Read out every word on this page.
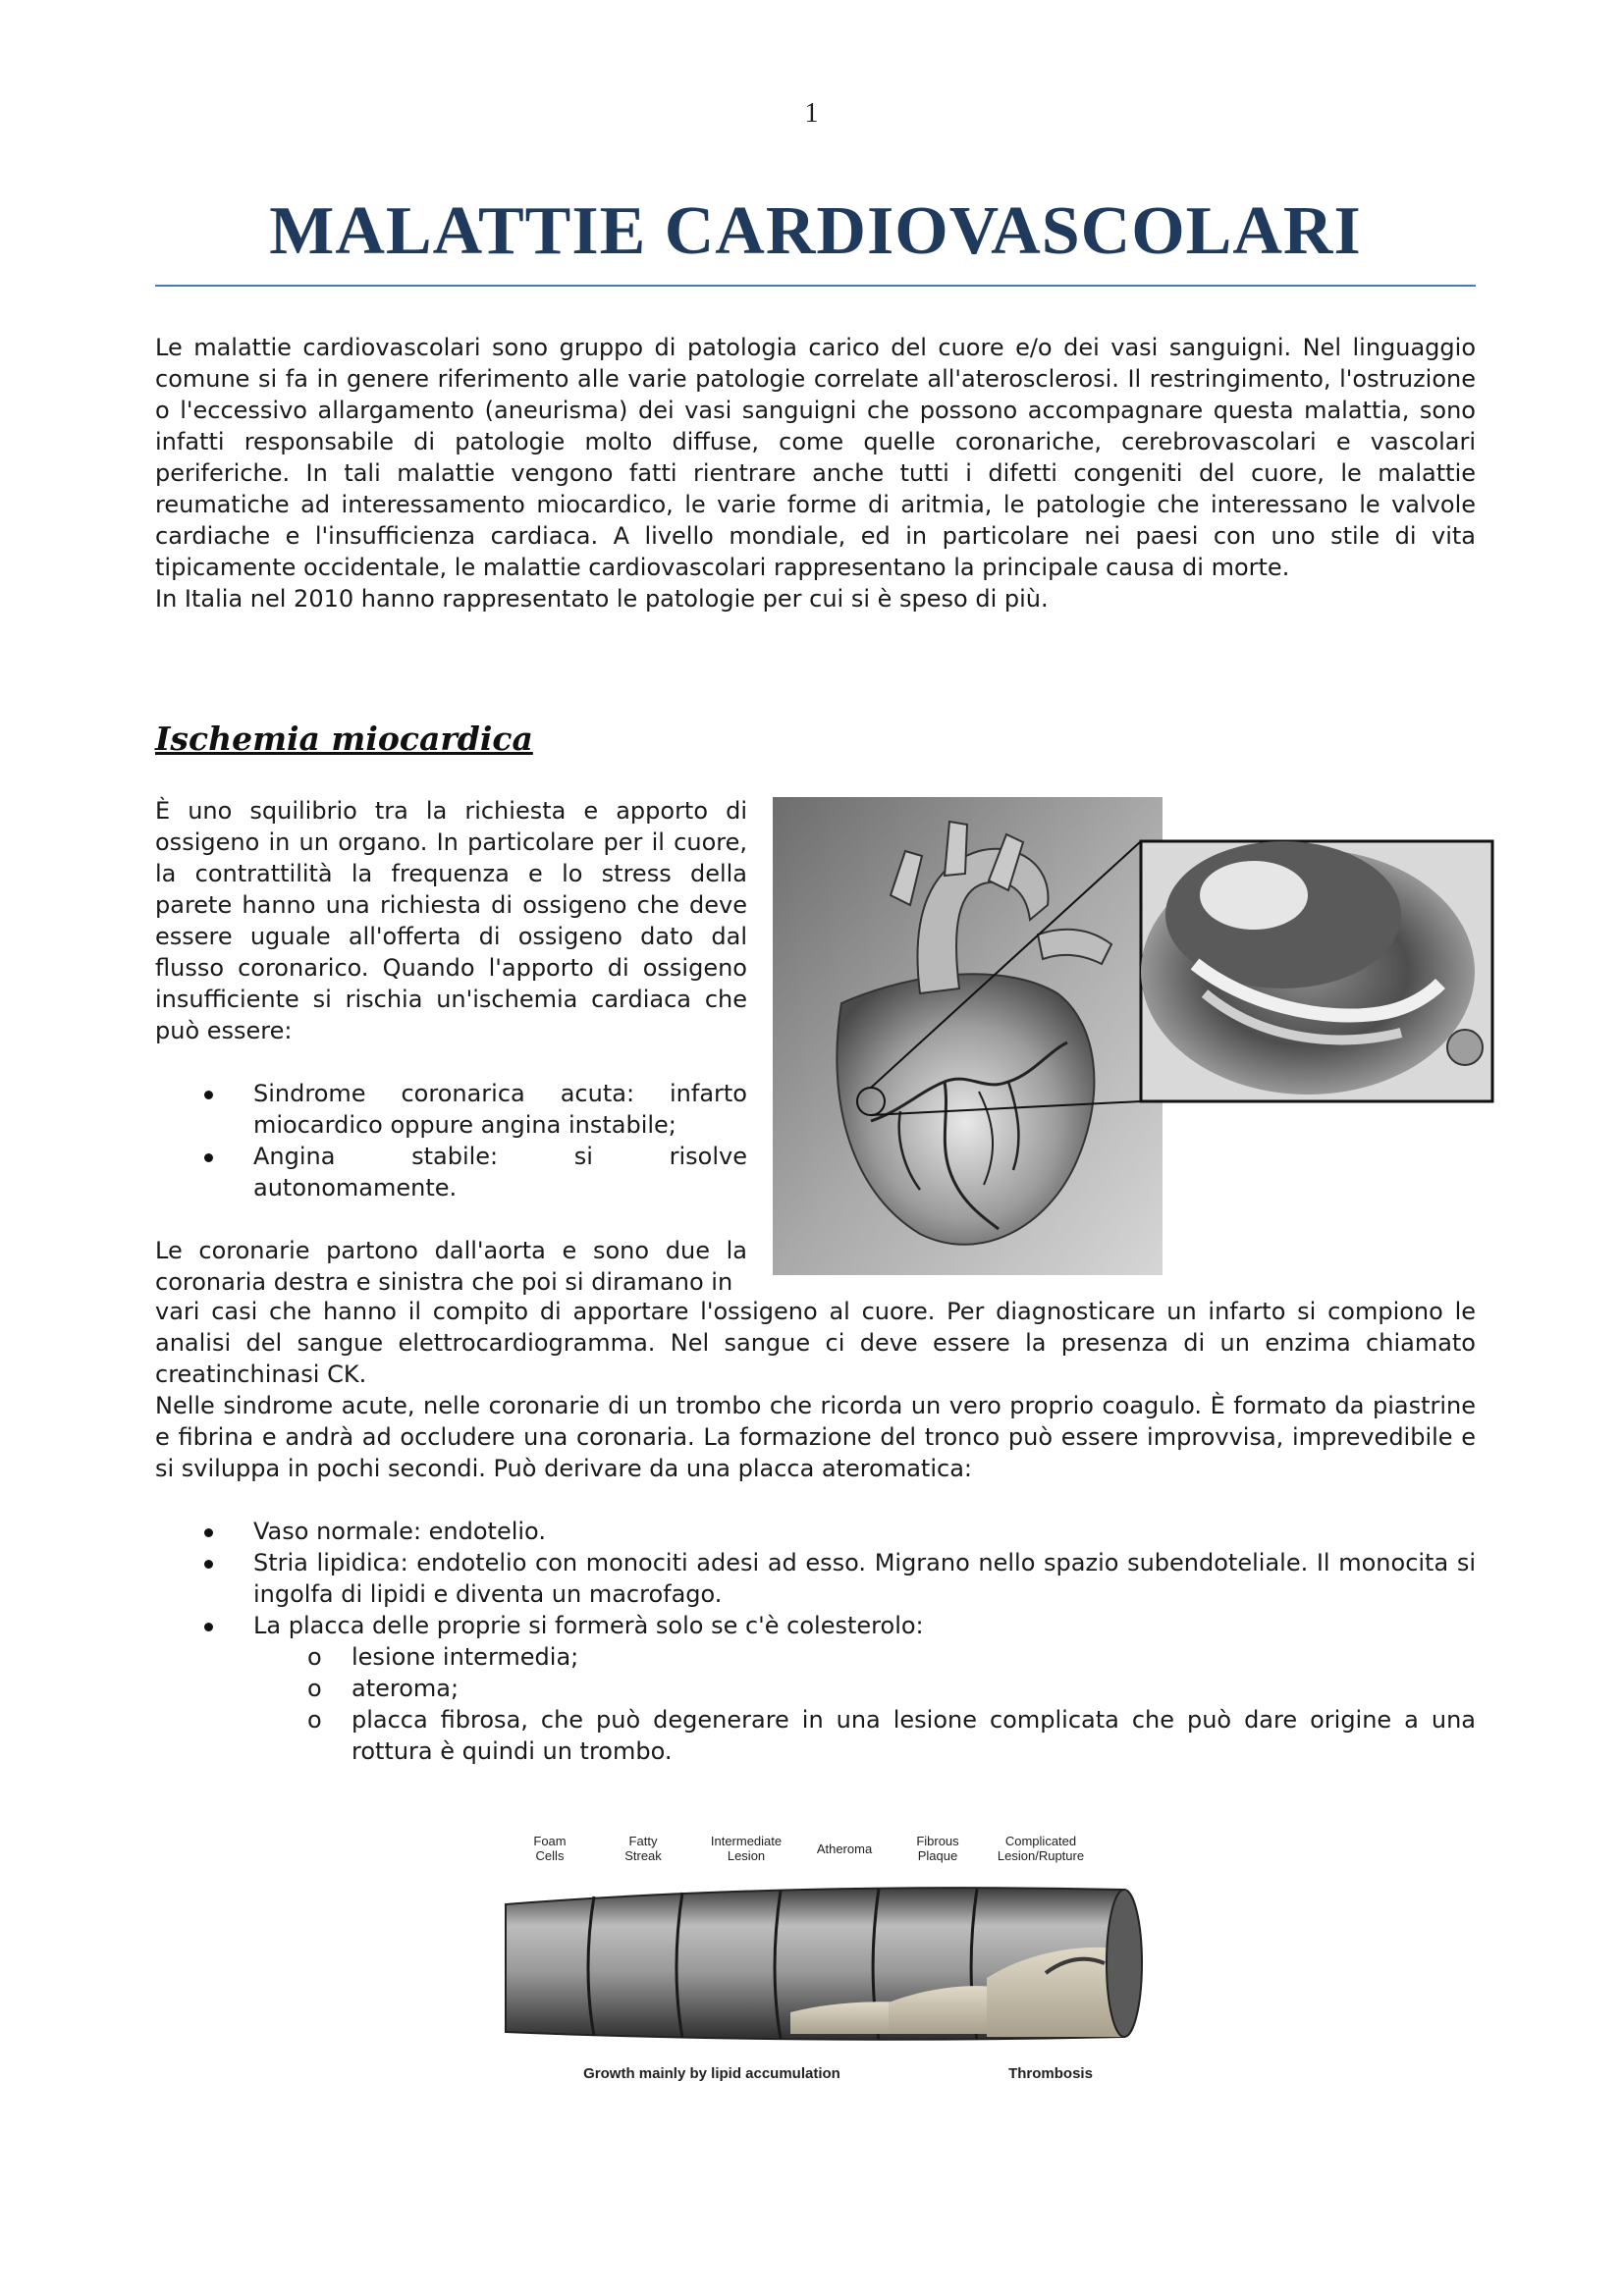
1
MALATTIE CARDIOVASCOLARI

Le malattie cardiovascolari sono gruppo di patologia carico del cuore e/o dei vasi sanguigni. Nel linguaggio comune si fa in genere riferimento alle varie patologie correlate all'aterosclerosi. Il restringimento, l'ostruzione o l'eccessivo allargamento (aneurisma) dei vasi sanguigni che possono accompagnare questa malattia, sono infatti responsabile di patologie molto diffuse, come quelle coronariche, cerebrovascolari e vascolari periferiche. In tali malattie vengono fatti rientrare anche tutti i difetti congeniti del cuore, le malattie reumatiche ad interessamento miocardico, le varie forme di aritmia, le patologie che interessano le valvole cardiache e l'insufficienza cardiaca. A livello mondiale, ed in particolare nei paesi con uno stile di vita tipicamente occidentale, le malattie cardiovascolari rappresentano la principale causa di morte.

In Italia nel 2010 hanno rappresentato le patologie per cui si è speso di più.

Ischemia miocardica

È uno squilibrio tra la richiesta e apporto di ossigeno in un organo. In particolare per il cuore, la contrattilità la frequenza e lo stress della parete hanno una richiesta di ossigeno che deve essere uguale all'offerta di ossigeno dato dal flusso coronarico. Quando l'apporto di ossigeno insufficiente si rischia un'ischemia cardiaca che può essere:

Sindrome coronarica acuta: infarto miocardico oppure angina instabile;
Angina stabile: si risolve autonomamente.

Le coronarie partono dall'aorta e sono due la coronaria destra e sinistra che poi si diramano in

vari casi che hanno il compito di apportare l'ossigeno al cuore. Per diagnosticare un infarto si compiono le analisi del sangue elettrocardiogramma. Nel sangue ci deve essere la presenza di un enzima chiamato creatinchinasi CK.

Nelle sindrome acute, nelle coronarie di un trombo che ricorda un vero proprio coagulo. È formato da piastrine e fibrina e andrà ad occludere una coronaria. La formazione del tronco può essere improvvisa, imprevedibile e si sviluppa in pochi secondi. Può derivare da una placca ateromatica:

Vaso normale: endotelio.
Stria lipidica: endotelio con monociti adesi ad esso. Migrano nello spazio subendoteliale. Il monocita si ingolfa di lipidi e diventa un macrofago.
La placca delle proprie si formerà solo se c'è colesterolo:
o lesione intermedia;
o ateroma;
o placca fibrosa, che può degenerare in una lesione complicata che può dare origine a una rottura è quindi un trombo.
Foam
Cells
Fatty
Streak
Intermediate
Lesion	Atheroma
Fibrous
Plaque
Complicated
Lesion/Rupture
Growth mainly by lipid accumulation	Thrombosis
